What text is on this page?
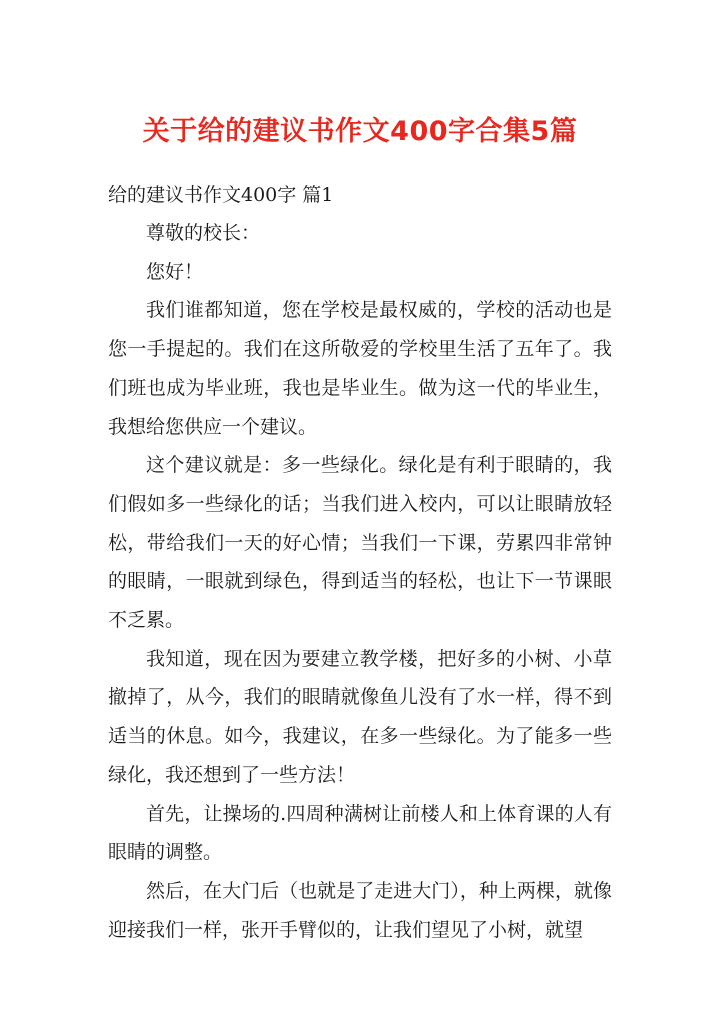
关于给的建议书作文400字合集5篇
给的建议书作文400字 篇1

尊敬的校长：

您好！

我们谁都知道，您在学校是最权威的，学校的活动也是您一手提起的。我们在这所敬爱的学校里生活了五年了。我们班也成为毕业班，我也是毕业生。做为这一代的毕业生，我想给您供应一个建议。

这个建议就是：多一些绿化。绿化是有利于眼睛的，我们假如多一些绿化的话；当我们进入校内，可以让眼睛放轻松，带给我们一天的好心情；当我们一下课，劳累四非常钟的眼睛，一眼就到绿色，得到适当的轻松，也让下一节课眼不乏累。

我知道，现在因为要建立教学楼，把好多的小树、小草撤掉了，从今，我们的眼睛就像鱼儿没有了水一样，得不到适当的休息。如今，我建议，在多一些绿化。为了能多一些绿化，我还想到了一些方法！

首先，让操场的.四周种满树让前楼人和上体育课的人有眼睛的调整。

然后，在大门后（也就是了走进大门），种上两棵，就像迎接我们一样，张开手臂似的，让我们望见了小树，就望
